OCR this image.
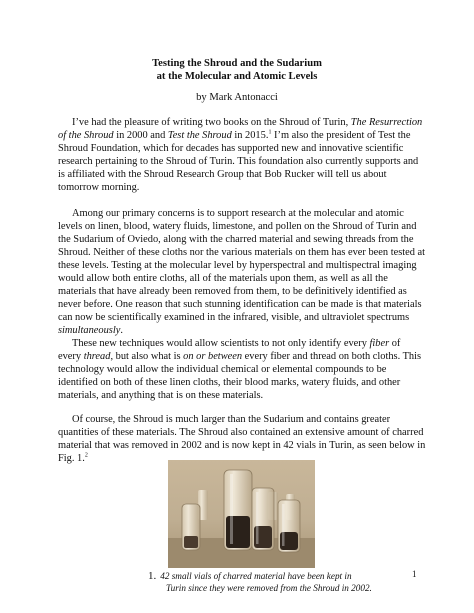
Testing the Shroud and the Sudarium
at the Molecular and Atomic Levels
by Mark Antonacci

I’ve had the pleasure of writing two books on the Shroud of Turin, The Resurrection of the Shroud in 2000 and Test the Shroud in 2015.$^1$ I’m also the president of Test the Shroud Foundation, which for decades has supported new and innovative scientific research pertaining to the Shroud of Turin. This foundation also currently supports and is affiliated with the Shroud Research Group that Bob Rucker will tell us about tomorrow morning.

Among our primary concerns is to support research at the molecular and atomic levels on linen, blood, watery fluids, limestone, and pollen on the Shroud of Turin and the Sudarium of Oviedo, along with the charred material and sewing threads from the Shroud. Neither of these cloths nor the various materials on them has ever been tested at these levels. Testing at the molecular level by hyperspectral and multispectral imaging would allow both entire cloths, all of the materials upon them, as well as all the materials that have already been removed from them, to be definitively identified as never before. One reason that such stunning identification can be made is that materials can now be scientifically examined in the infrared, visible, and ultraviolet spectrums simultaneously.

These new techniques would allow scientists to not only identify every fiber of every thread, but also what is on or between every fiber and thread on both cloths. This technology would allow the individual chemical or elemental compounds to be identified on both of these linen cloths, their blood marks, watery fluids, and other materials, and anything that is on these materials.

Of course, the Shroud is much larger than the Sudarium and contains greater quantities of these materials. The Shroud also contained an extensive amount of charred material that was removed in 2002 and is now kept in 42 vials in Turin, as seen below in Fig. 1.$^2$

1. 42 small vials of charred material have been kept in
Turin since they were removed from the Shroud in 2002.
1
